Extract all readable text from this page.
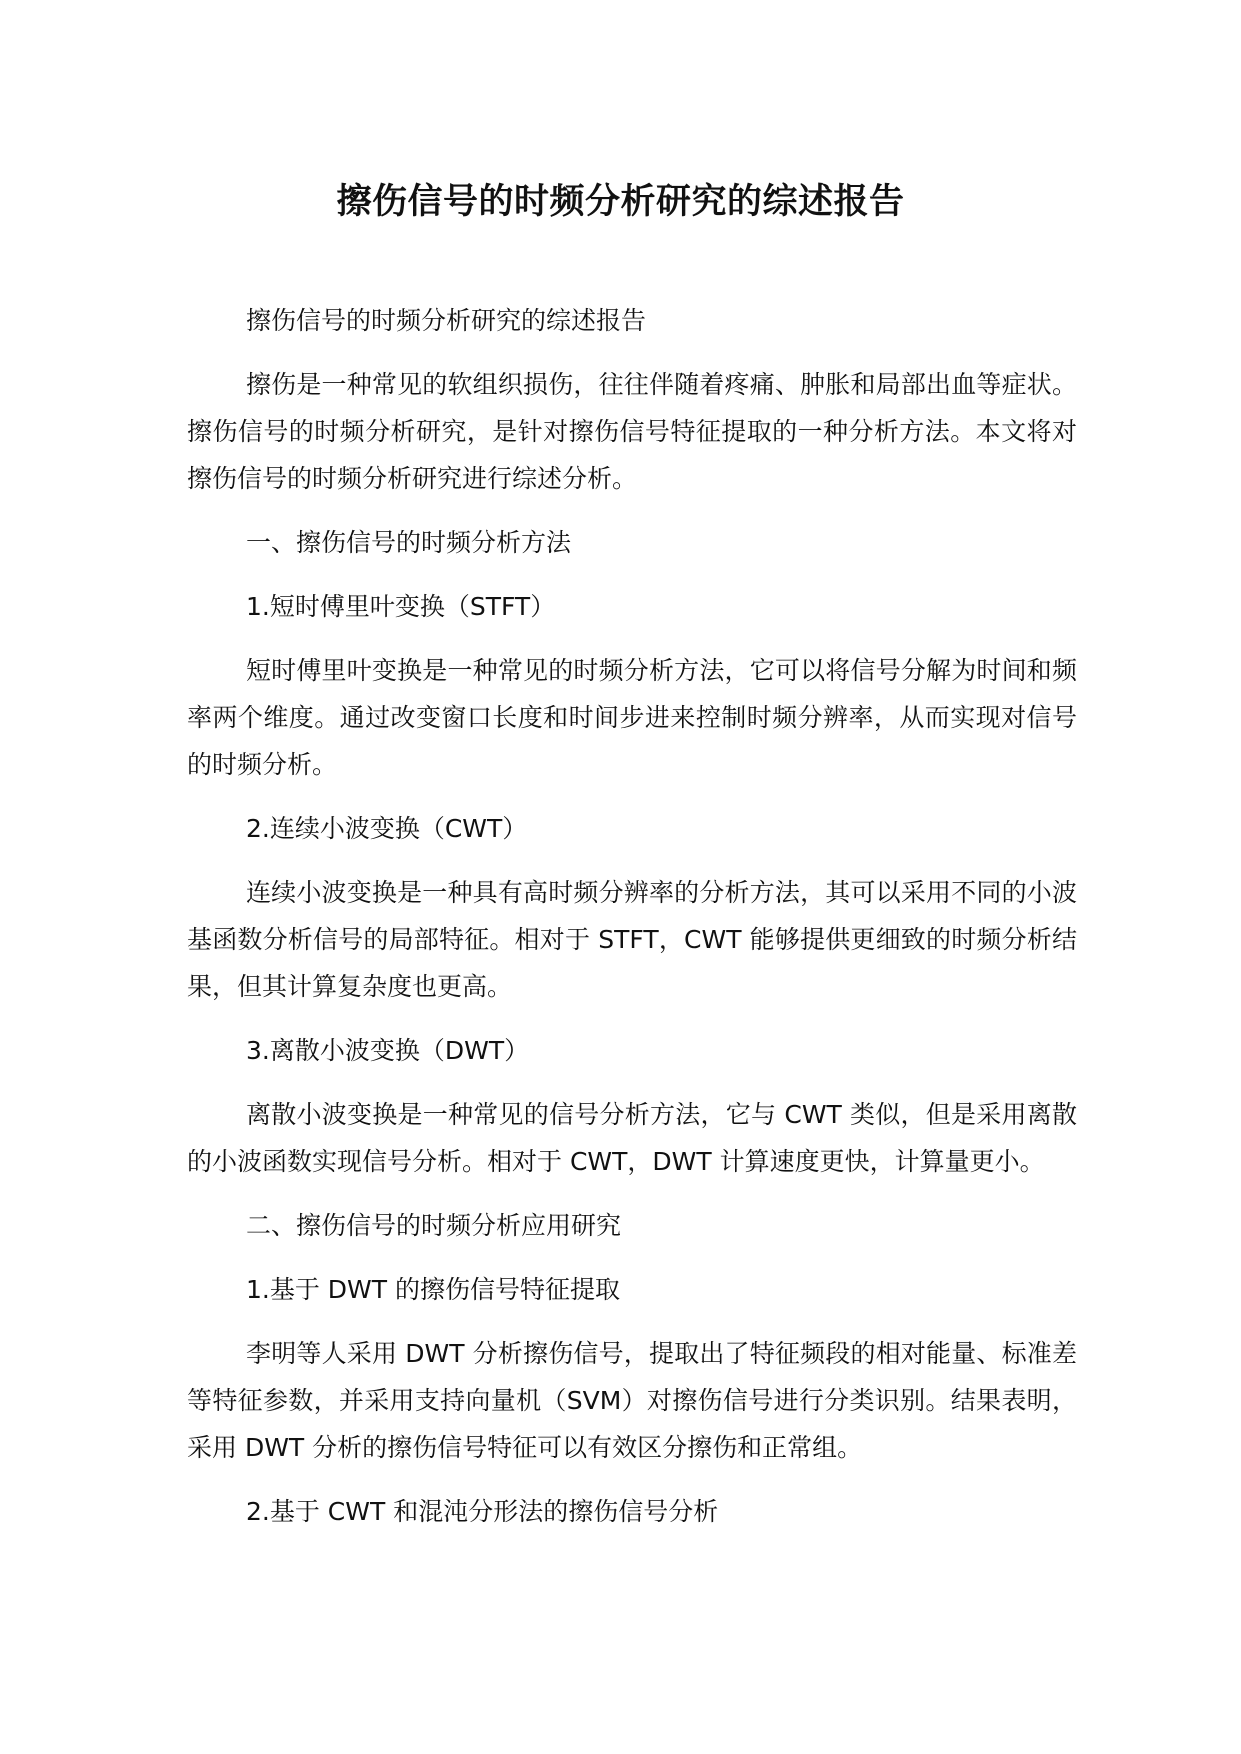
擦伤信号的时频分析研究的综述报告

擦伤信号的时频分析研究的综述报告

擦伤是一种常见的软组织损伤，往往伴随着疼痛、肿胀和局部出血等症状。擦伤信号的时频分析研究，是针对擦伤信号特征提取的一种分析方法。本文将对擦伤信号的时频分析研究进行综述分析。

一、擦伤信号的时频分析方法

1.短时傅里叶变换（STFT）

短时傅里叶变换是一种常见的时频分析方法，它可以将信号分解为时间和频率两个维度。通过改变窗口长度和时间步进来控制时频分辨率，从而实现对信号的时频分析。

2.连续小波变换（CWT）

连续小波变换是一种具有高时频分辨率的分析方法，其可以采用不同的小波基函数分析信号的局部特征。相对于 STFT，CWT 能够提供更细致的时频分析结果，但其计算复杂度也更高。

3.离散小波变换（DWT）

离散小波变换是一种常见的信号分析方法，它与 CWT 类似，但是采用离散的小波函数实现信号分析。相对于 CWT，DWT 计算速度更快，计算量更小。

二、擦伤信号的时频分析应用研究

1.基于 DWT 的擦伤信号特征提取

李明等人采用 DWT 分析擦伤信号，提取出了特征频段的相对能量、标准差等特征参数，并采用支持向量机（SVM）对擦伤信号进行分类识别。结果表明，采用 DWT 分析的擦伤信号特征可以有效区分擦伤和正常组。

2.基于 CWT 和混沌分形法的擦伤信号分析
